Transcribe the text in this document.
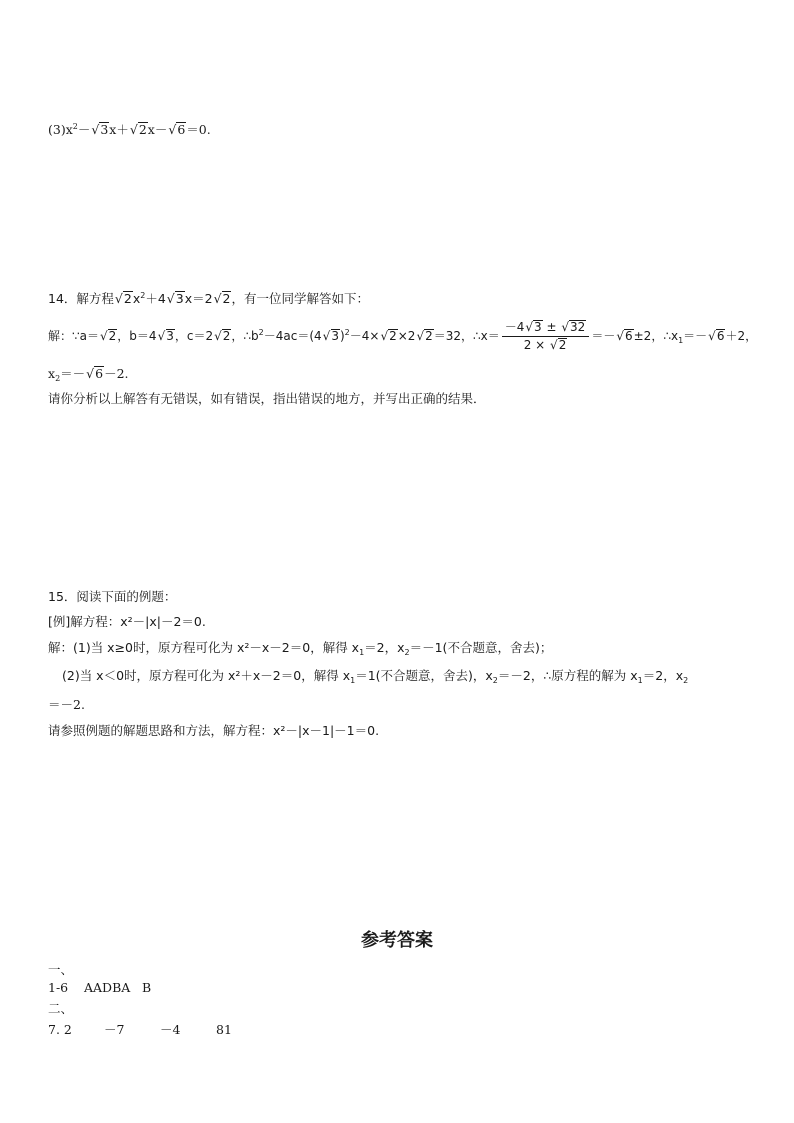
$(3)x^2-√$ 3x＋√ 2x－√ 6＝0.
14．解方程√ $2x^2+4√$ 3x＝2√ 2，有一位同学解答如下：
解：∵a＝√ 2，b＝4√ 3，c＝2√ 2，$\therefore b^2-4ac=(4√$ 3)$^2$－4×√ 2×2√ 2＝32，∴x＝ $\frac{-4√ 3 \pm √ 32}{2 \times √ 2}$ ＝－√ 6±2，$\therefore x_1=-√$ 6＋2，
$x_2=-√$ 6－2.
请你分析以上解答有无错误，如有错误，指出错误的地方，并写出正确的结果．
15．阅读下面的例题：
[例]解方程：x²－|x|－2＝0.
解：(1)当 x≥0时，原方程可化为 x²－x－2＝0，解得 $x_1=2$，$x_2=-1$(不合题意，舍去)；
(2)当 x＜0时，原方程可化为 x²＋x－2＝0，解得 $x_1=1$(不合题意，舍去)，$x_2=-2$，∴原方程的解为 $x_1=2$，$x_2$
＝－2.
请参照例题的解题思路和方法，解方程：x²－|x－1|－1＝0.
参考答案
一、
1-6 AADBA B
二、
7. 2	－7	－4	81
